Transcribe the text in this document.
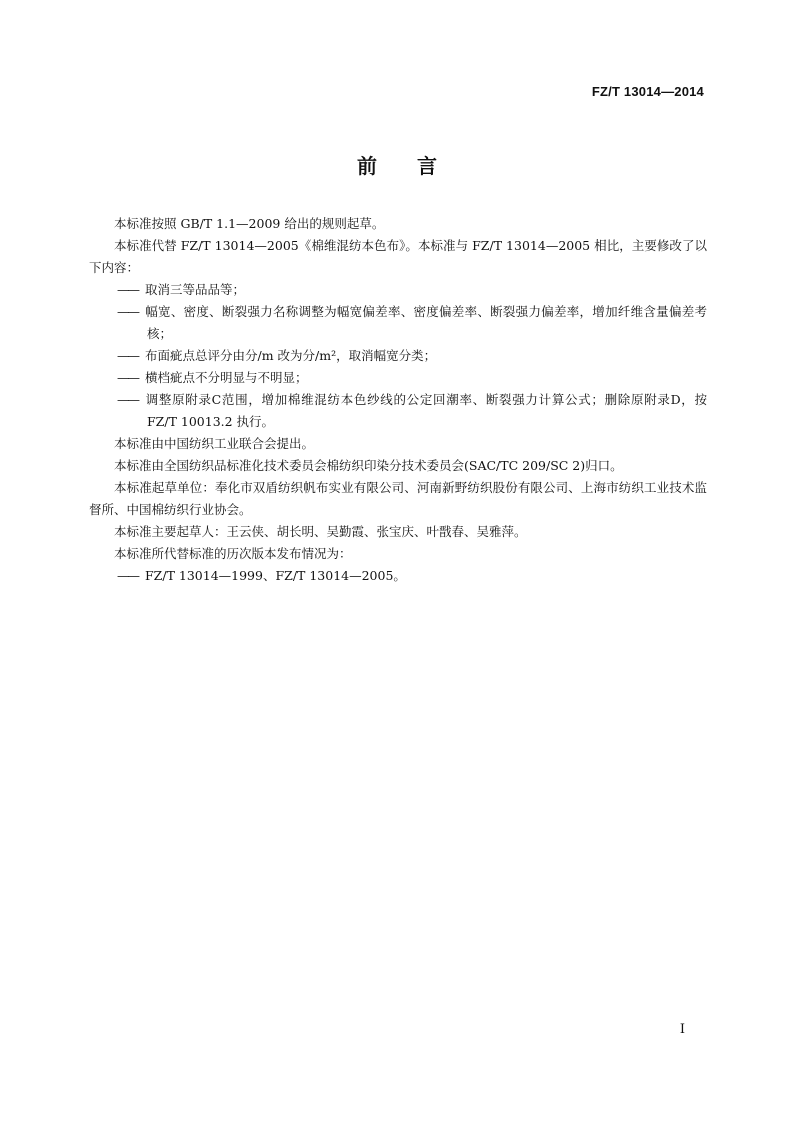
FZ/T 13014—2014
前言

本标准按照 GB/T 1.1—2009 给出的规则起草。

本标准代替 FZ/T 13014—2005《棉维混纺本色布》。本标准与 FZ/T 13014—2005 相比，主要修改了以下内容：

—— 取消三等品品等；

—— 幅宽、密度、断裂强力名称调整为幅宽偏差率、密度偏差率、断裂强力偏差率，增加纤维含量偏差考核；

—— 布面疵点总评分由分/m 改为分/m²，取消幅宽分类；

—— 横档疵点不分明显与不明显；

—— 调整原附录C范围，增加棉维混纺本色纱线的公定回潮率、断裂强力计算公式；删除原附录D，按 FZ/T 10013.2 执行。

本标准由中国纺织工业联合会提出。

本标准由全国纺织品标准化技术委员会棉纺织印染分技术委员会(SAC/TC 209/SC 2)归口。

本标准起草单位：奉化市双盾纺织帆布实业有限公司、河南新野纺织股份有限公司、上海市纺织工业技术监督所、中国棉纺织行业协会。

本标准主要起草人：王云侠、胡长明、吴勤霞、张宝庆、叶戬春、吴雅萍。

本标准所代替标准的历次版本发布情况为：

—— FZ/T 13014—1999、FZ/T 13014—2005。

I
